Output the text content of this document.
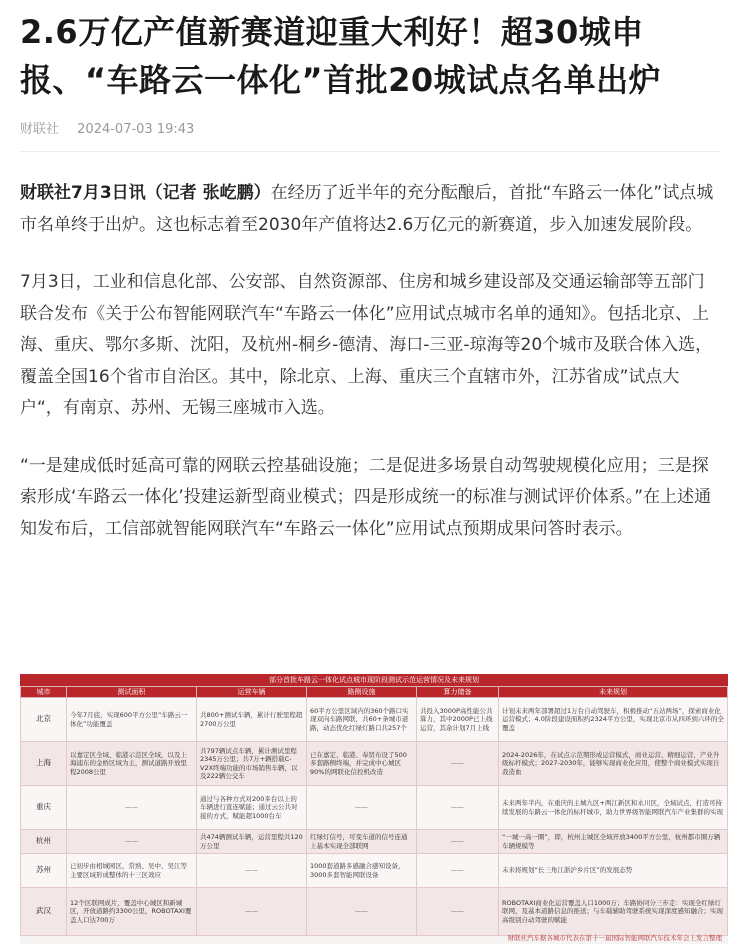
2.6万亿产值新赛道迎重大利好！超30城申报、“车路云一体化”首批20城试点名单出炉
财联社 2024-07-03 19:43

财联社7月3日讯（记者 张屹鹏）在经历了近半年的充分酝酿后，首批“车路云一体化”试点城市名单终于出炉。这也标志着至2030年产值将达2.6万亿元的新赛道，步入加速发展阶段。

7月3日，工业和信息化部、公安部、自然资源部、住房和城乡建设部及交通运输部等五部门联合发布《关于公布智能网联汽车“车路云一体化”应用试点城市名单的通知》。包括北京、上海、重庆、鄂尔多斯、沈阳，及杭州-桐乡-德清、海口-三亚-琼海等20个城市及联合体入选，覆盖全国16个省市自治区。其中，除北京、上海、重庆三个直辖市外，江苏省成”试点大户“，有南京、苏州、无锡三座城市入选。

“一是建成低时延高可靠的网联云控基础设施；二是促进多场景自动驾驶规模化应用；三是探索形成‘车路云一体化’投建运新型商业模式；四是形成统一的标准与测试评价体系。”在上述通知发布后，工信部就智能网联汽车“车路云一体化”应用试点预期成果问答时表示。

部分首批车路云一体化试点城市现阶段测试示范运营情况及未来规划
城市	测试面积	运营车辆	路侧设施	算力储备	未来规划
北京	今年7月底，实现600平方公里“车路云一体化”功能覆盖	共800+测试车辆，累计行驶里程超2700万公里	60平方公里区域内的360个路口实现双向车路网联，共60+条城市道路，动态优化红绿灯路口共257个	共投入3000P高性能公共算力，其中2000P已上线运营，其余计划7月上线	计划未来两年部署超过1万台自动驾驶车，积极推动“五站两场”，探索商业化运营模式；4.0阶段建设面积约2324平方公里，实现北京市从四环到六环的全覆盖
上海	以嘉定区全域、临港示范区全域，以及上海浦东的金桥区域为主，测试道路开放里程2008公里	共797辆试点车辆，累计测试里程2345万公里；共7万+辆搭载C-V2X终端功能的市场销售车辆，以及222辆公交车	已在嘉定、临港、奉贤布设了500多套路侧终端，并完成中心城区90%的网联化信控机改造	——	2024-2026年，在试点示范期形成运营模式，商业运营、精细运营，产业升级标杆模式；2027-2030年，能够实现商业化应用，使整个商业模式实现自我造血
重庆	——	通过与各种方式对200多台以上的车辆进行直连赋能；通过云公共对接的方式，赋能超1000台车	——	——	未来两年半内，在重庆的主城九区+两江新区和永川区，全域试点，打造可持续发展的车路云一体化的标杆城市，助力世界级智能网联汽车产业集群的实现
杭州	——	共474辆测试车辆，运营里程共120万公里	红绿灯信号，可变车道的信号连通上基本实现全部联网	——	“一城一高一圈”，即，杭州主城区全域开放3400平方公里，杭州都市圈万辆车辆规模等
苏州	已初步由相城园区、常熟、吴中、吴江等主要区域形成整体的十三区效应	——	1000套道路多感融合感知设备，3000多套智能网联设备	——	未来将规划“长三角江浙沪乡片区”的发展态势
武汉	12个区联网成片，覆盖中心城区和新城区，开放道路约3300公里，ROBOTAXI覆盖人口达700万	——	——	——	ROBOTAXI商业化运营覆盖人口1000万；车路协同分三步走：实现全红绿灯联网，及基本道路信息的推送；与车载辅助驾驶系统实现深度感知融合；实现高级别自动驾驶的赋能
财联社汽车据各城市代表在第十一届国际智能网联汽车技术年会上发言整理
